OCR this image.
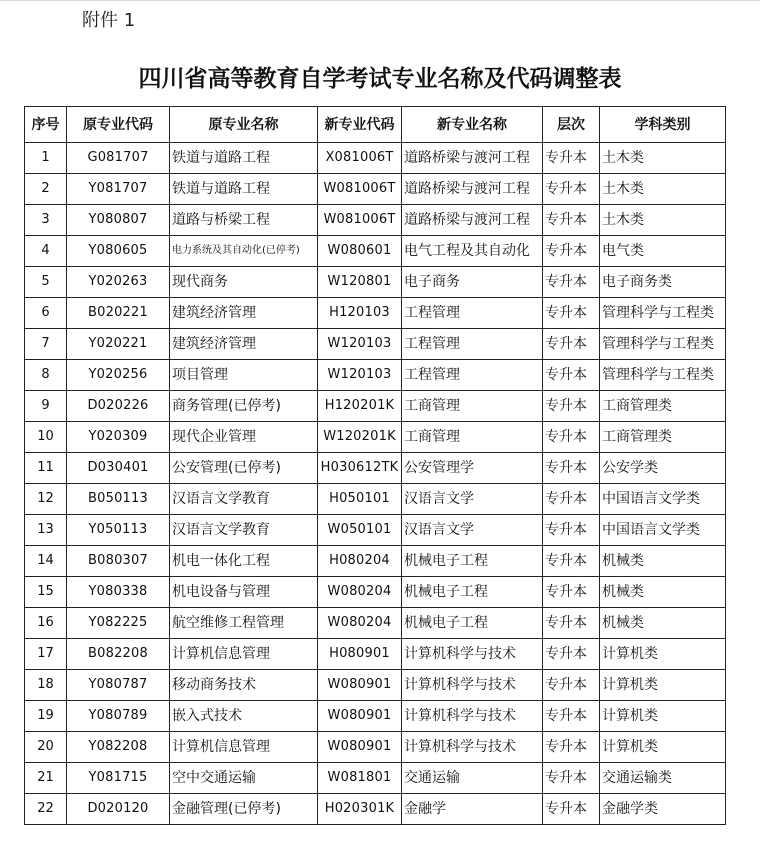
附件 1
四川省高等教育自学考试专业名称及代码调整表
序号	原专业代码	原专业名称	新专业代码	新专业名称	层次	学科类别
1	G081707	铁道与道路工程	X081006T	道路桥梁与渡河工程	专升本	土木类
2	Y081707	铁道与道路工程	W081006T	道路桥梁与渡河工程	专升本	土木类
3	Y080807	道路与桥梁工程	W081006T	道路桥梁与渡河工程	专升本	土木类
4	Y080605	电力系统及其自动化(已停考)	W080601	电气工程及其自动化	专升本	电气类
5	Y020263	现代商务	W120801	电子商务	专升本	电子商务类
6	B020221	建筑经济管理	H120103	工程管理	专升本	管理科学与工程类
7	Y020221	建筑经济管理	W120103	工程管理	专升本	管理科学与工程类
8	Y020256	项目管理	W120103	工程管理	专升本	管理科学与工程类
9	D020226	商务管理(已停考)	H120201K	工商管理	专升本	工商管理类
10	Y020309	现代企业管理	W120201K	工商管理	专升本	工商管理类
11	D030401	公安管理(已停考)	H030612TK	公安管理学	专升本	公安学类
12	B050113	汉语言文学教育	H050101	汉语言文学	专升本	中国语言文学类
13	Y050113	汉语言文学教育	W050101	汉语言文学	专升本	中国语言文学类
14	B080307	机电一体化工程	H080204	机械电子工程	专升本	机械类
15	Y080338	机电设备与管理	W080204	机械电子工程	专升本	机械类
16	Y082225	航空维修工程管理	W080204	机械电子工程	专升本	机械类
17	B082208	计算机信息管理	H080901	计算机科学与技术	专升本	计算机类
18	Y080787	移动商务技术	W080901	计算机科学与技术	专升本	计算机类
19	Y080789	嵌入式技术	W080901	计算机科学与技术	专升本	计算机类
20	Y082208	计算机信息管理	W080901	计算机科学与技术	专升本	计算机类
21	Y081715	空中交通运输	W081801	交通运输	专升本	交通运输类
22	D020120	金融管理(已停考)	H020301K	金融学	专升本	金融学类
